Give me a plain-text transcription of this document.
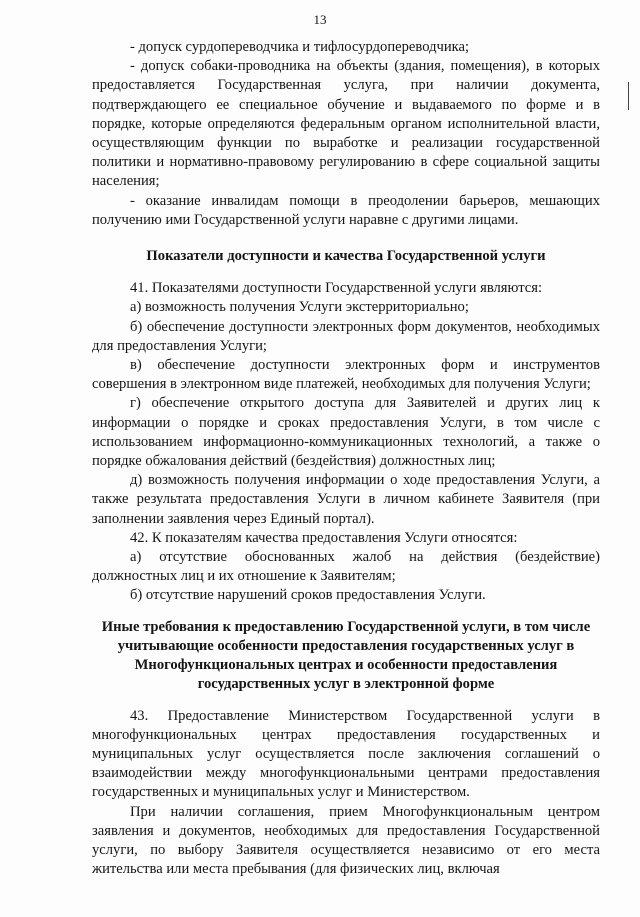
13

- допуск сурдопереводчика и тифлосурдопереводчика;

- допуск собаки-проводника на объекты (здания, помещения), в которых предоставляется Государственная услуга, при наличии документа, подтверждающего ее специальное обучение и выдаваемого по форме и в порядке, которые определяются федеральным органом исполнительной власти, осуществляющим функции по выработке и реализации государственной политики и нормативно-правовому регулированию в сфере социальной защиты населения;

- оказание инвалидам помощи в преодолении барьеров, мешающих получению ими Государственной услуги наравне с другими лицами.

Показатели доступности и качества Государственной услуги

41. Показателями доступности Государственной услуги являются:

а) возможность получения Услуги экстерриториально;

б) обеспечение доступности электронных форм документов, необходимых для предоставления Услуги;

в) обеспечение доступности электронных форм и инструментов совершения в электронном виде платежей, необходимых для получения Услуги;

г) обеспечение открытого доступа для Заявителей и других лиц к информации о порядке и сроках предоставления Услуги, в том числе с использованием информационно-коммуникационных технологий, а также о порядке обжалования действий (бездействия) должностных лиц;

д) возможность получения информации о ходе предоставления Услуги, а также результата предоставления Услуги в личном кабинете Заявителя (при заполнении заявления через Единый портал).

42. К показателям качества предоставления Услуги относятся:

а) отсутствие обоснованных жалоб на действия (бездействие) должностных лиц и их отношение к Заявителям;

б) отсутствие нарушений сроков предоставления Услуги.

Иные требования к предоставлению Государственной услуги, в том числе учитывающие особенности предоставления государственных услуг в Многофункциональных центрах и особенности предоставления государственных услуг в электронной форме

43. Предоставление Министерством Государственной услуги в многофункциональных центрах предоставления государственных и муниципальных услуг осуществляется после заключения соглашений о взаимодействии между многофункциональными центрами предоставления государственных и муниципальных услуг и Министерством.

При наличии соглашения, прием Многофункциональным центром заявления и документов, необходимых для предоставления Государственной услуги, по выбору Заявителя осуществляется независимо от его места жительства или места пребывания (для физических лиц, включая
